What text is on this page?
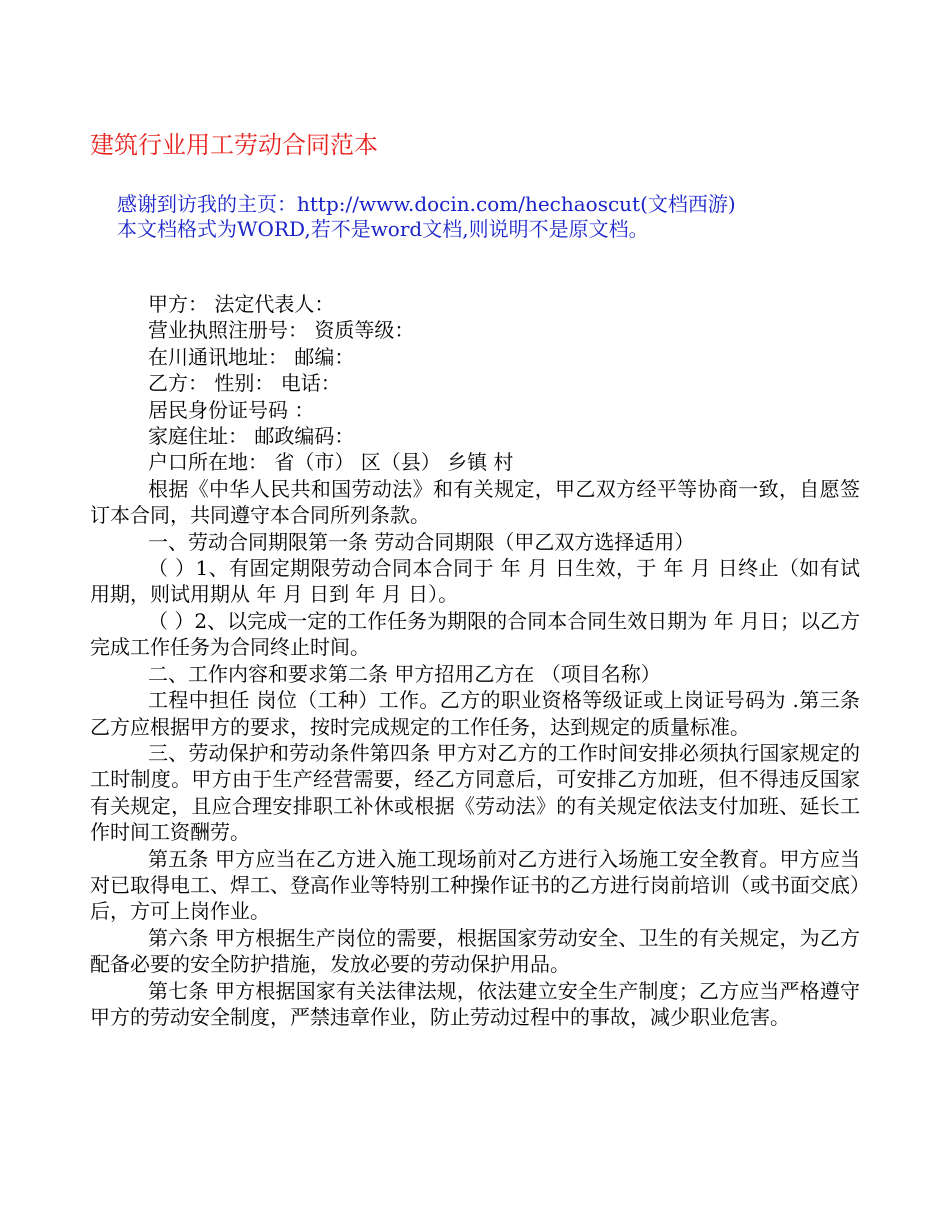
建筑行业用工劳动合同范本
感谢到访我的主页：http://www.docin.com/hechaoscut(文档西游)
本文档格式为WORD,若不是word文档,则说明不是原文档。

甲方： 法定代表人：

营业执照注册号： 资质等级：

在川通讯地址： 邮编：

乙方： 性别： 电话：

居民身份证号码 ：

家庭住址： 邮政编码：

户口所在地： 省（市） 区（县） 乡镇 村

根据《中华人民共和国劳动法》和有关规定，甲乙双方经平等协商一致，自愿签订本合同，共同遵守本合同所列条款。

一、劳动合同期限第一条 劳动合同期限（甲乙双方选择适用）

（ ）1、有固定期限劳动合同本合同于 年 月 日生效，于 年 月 日终止（如有试用期，则试用期从 年 月 日到 年 月 日）。

（ ）2、以完成一定的工作任务为期限的合同本合同生效日期为 年 月日；以乙方完成工作任务为合同终止时间。

二、工作内容和要求第二条 甲方招用乙方在 （项目名称）

工程中担任 岗位（工种）工作。乙方的职业资格等级证或上岗证号码为 .第三条 乙方应根据甲方的要求，按时完成规定的工作任务，达到规定的质量标准。

三、劳动保护和劳动条件第四条 甲方对乙方的工作时间安排必须执行国家规定的工时制度。甲方由于生产经营需要，经乙方同意后，可安排乙方加班，但不得违反国家有关规定，且应合理安排职工补休或根据《劳动法》的有关规定依法支付加班、延长工作时间工资酬劳。

第五条 甲方应当在乙方进入施工现场前对乙方进行入场施工安全教育。甲方应当对已取得电工、焊工、登高作业等特别工种操作证书的乙方进行岗前培训（或书面交底）后，方可上岗作业。

第六条 甲方根据生产岗位的需要，根据国家劳动安全、卫生的有关规定，为乙方配备必要的安全防护措施，发放必要的劳动保护用品。

第七条 甲方根据国家有关法律法规，依法建立安全生产制度；乙方应当严格遵守甲方的劳动安全制度，严禁违章作业，防止劳动过程中的事故，减少职业危害。
